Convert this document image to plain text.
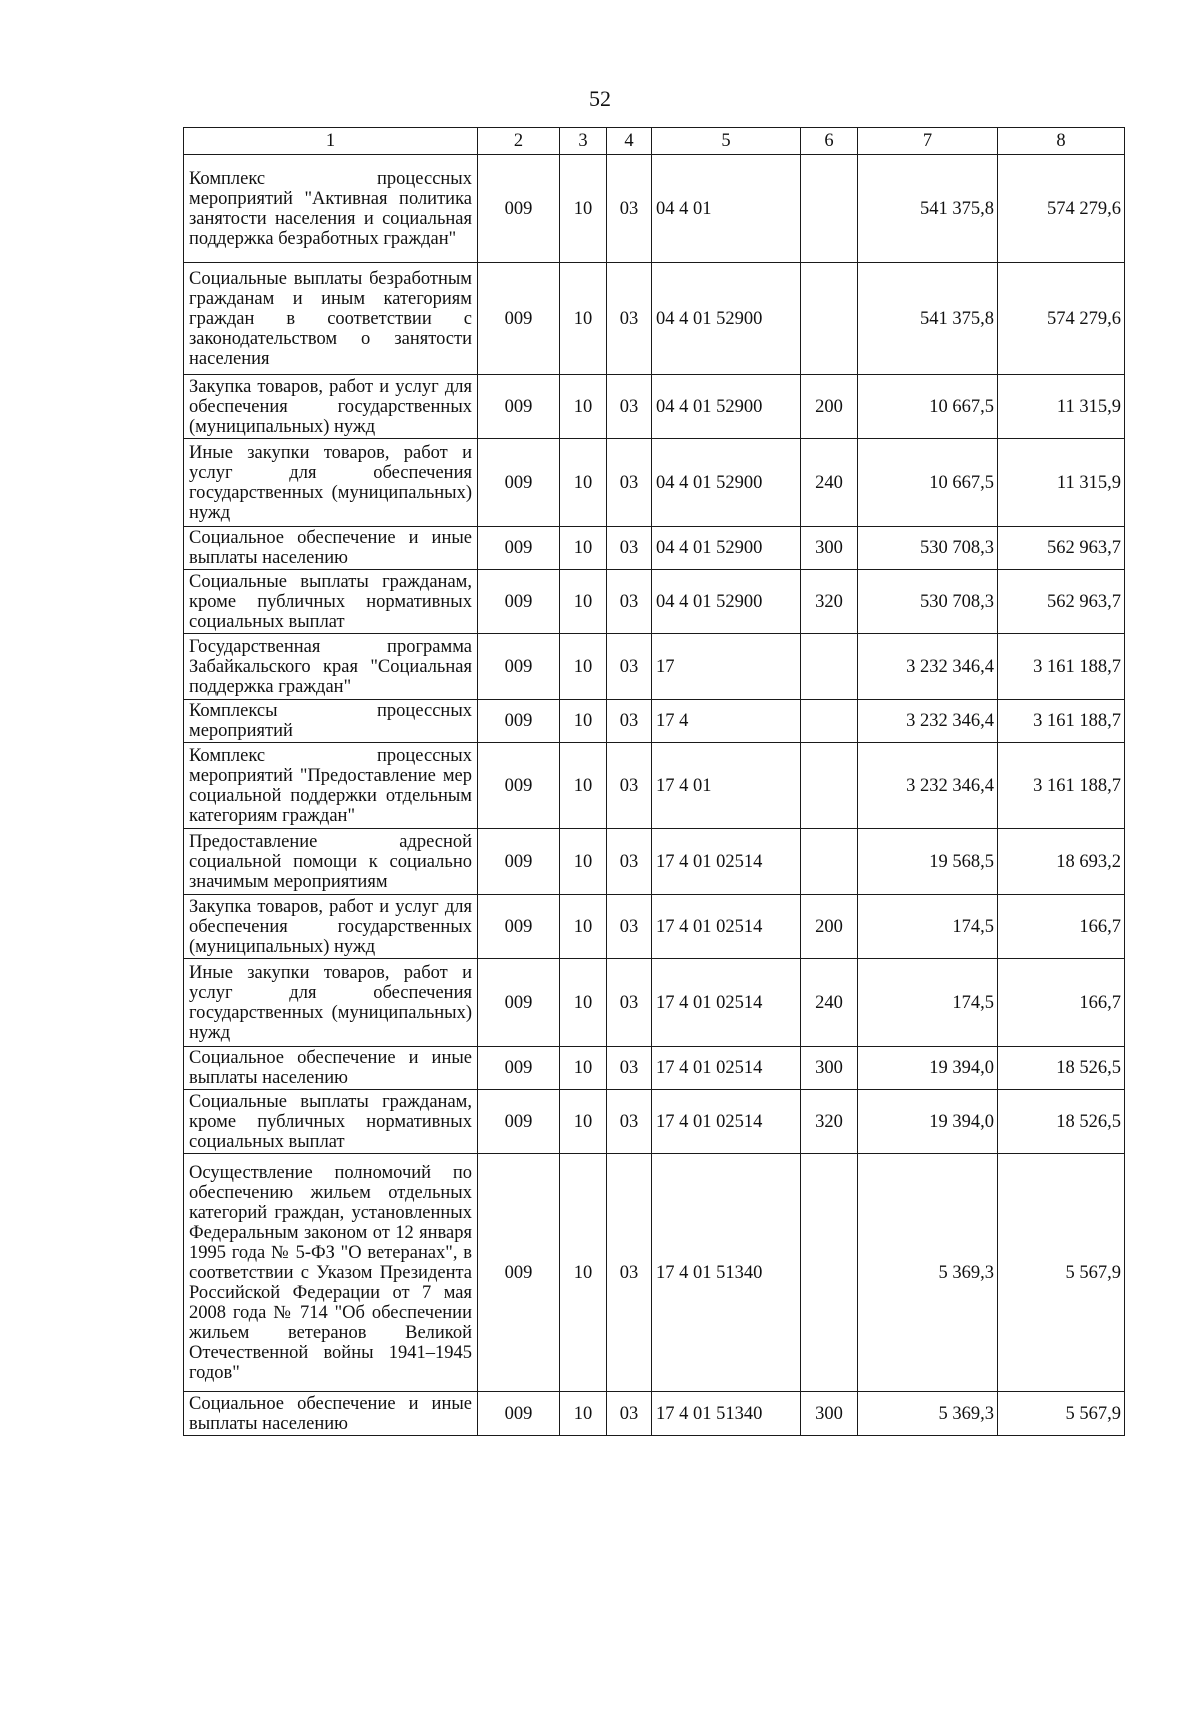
52
1	2	3	4	5	6	7	8
Комплекс процессных мероприятий "Активная политика занятости населения и социальная поддержка безработных граждан"	009	10	03	04 4 01		541 375,8	574 279,6
Социальные выплаты безработным гражданам и иным категориям граждан в соответствии с законодательством о занятости населения	009	10	03	04 4 01 52900		541 375,8	574 279,6
Закупка товаров, работ и услуг для обеспечения государственных (муниципальных) нужд	009	10	03	04 4 01 52900	200	10 667,5	11 315,9
Иные закупки товаров, работ и услуг для обеспечения государственных (муниципальных) нужд	009	10	03	04 4 01 52900	240	10 667,5	11 315,9
Социальное обеспечение и иные выплаты населению	009	10	03	04 4 01 52900	300	530 708,3	562 963,7
Социальные выплаты гражданам, кроме публичных нормативных социальных выплат	009	10	03	04 4 01 52900	320	530 708,3	562 963,7
Государственная программа Забайкальского края "Социальная поддержка граждан"	009	10	03	17		3 232 346,4	3 161 188,7
Комплексы процессных мероприятий	009	10	03	17 4		3 232 346,4	3 161 188,7
Комплекс процессных мероприятий "Предоставление мер социальной поддержки отдельным категориям граждан"	009	10	03	17 4 01		3 232 346,4	3 161 188,7
Предоставление адресной социальной помощи к социально значимым мероприятиям	009	10	03	17 4 01 02514		19 568,5	18 693,2
Закупка товаров, работ и услуг для обеспечения государственных (муниципальных) нужд	009	10	03	17 4 01 02514	200	174,5	166,7
Иные закупки товаров, работ и услуг для обеспечения государственных (муниципальных) нужд	009	10	03	17 4 01 02514	240	174,5	166,7
Социальное обеспечение и иные выплаты населению	009	10	03	17 4 01 02514	300	19 394,0	18 526,5
Социальные выплаты гражданам, кроме публичных нормативных социальных выплат	009	10	03	17 4 01 02514	320	19 394,0	18 526,5
Осуществление полномочий по обеспечению жильем отдельных категорий граждан, установленных Федеральным законом от 12 января 1995 года № 5-ФЗ "О ветеранах", в соответствии с Указом Президента Российской Федерации от 7 мая 2008 года № 714 "Об обеспечении жильем ветеранов Великой Отечественной войны 1941–1945 годов"	009	10	03	17 4 01 51340		5 369,3	5 567,9
Социальное обеспечение и иные выплаты населению	009	10	03	17 4 01 51340	300	5 369,3	5 567,9
